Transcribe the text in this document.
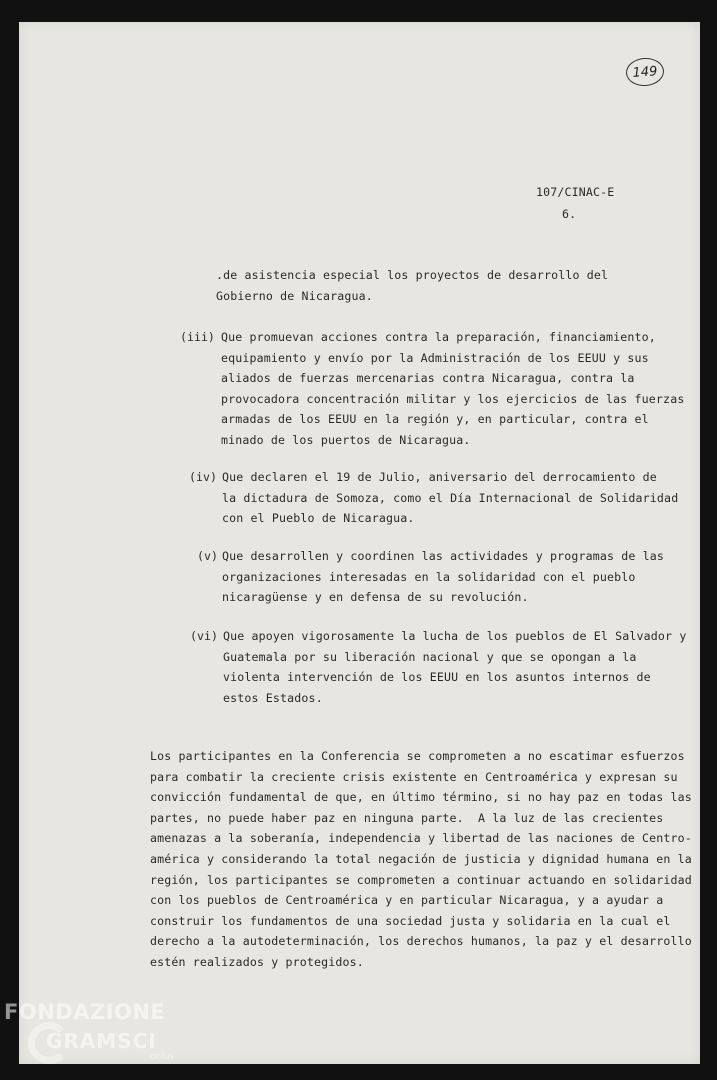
149

107/CINAC-E

6.

.de asistencia especial los proyectos de desarrollo del
Gobierno de Nicaragua.

(iii) Que promuevan acciones contra la preparación, financiamiento,
equipamiento y envío por la Administración de los EEUU y sus
aliados de fuerzas mercenarias contra Nicaragua, contra la
provocadora concentración militar y los ejercicios de las fuerzas
armadas de los EEUU en la región y, en particular, contra el
minado de los puertos de Nicaragua.

(iv) Que declaren el 19 de Julio, aniversario del derrocamiento de
la dictadura de Somoza, como el Día Internacional de Solidaridad
con el Pueblo de Nicaragua.

(v) Que desarrollen y coordinen las actividades y programas de las
organizaciones interesadas en la solidaridad con el pueblo
nicaragüense y en defensa de su revolución.

(vi) Que apoyen vigorosamente la lucha de los pueblos de El Salvador y
Guatemala por su liberación nacional y que se opongan a la
violenta intervención de los EEUU en los asuntos internos de
estos Estados.

Los participantes en la Conferencia se comprometen a no escatimar esfuerzos
para combatir la creciente crisis existente en Centroamérica y expresan su
convicción fundamental de que, en último término, si no hay paz en todas las
partes, no puede haber paz en ninguna parte.  A la luz de las crecientes
amenazas a la soberanía, independencia y libertad de las naciones de Centro-
américa y considerando la total negación de justicia y dignidad humana en la
región, los participantes se comprometen a continuar actuando en solidaridad
con los pueblos de Centroamérica y en particular Nicaragua, y a ayudar a
construir los fundamentos de una sociedad justa y solidaria en la cual el
derecho a la autodeterminación, los derechos humanos, la paz y el desarrollo
estén realizados y protegidos.

FONDAZIONE
GRAMSCI
onlus
